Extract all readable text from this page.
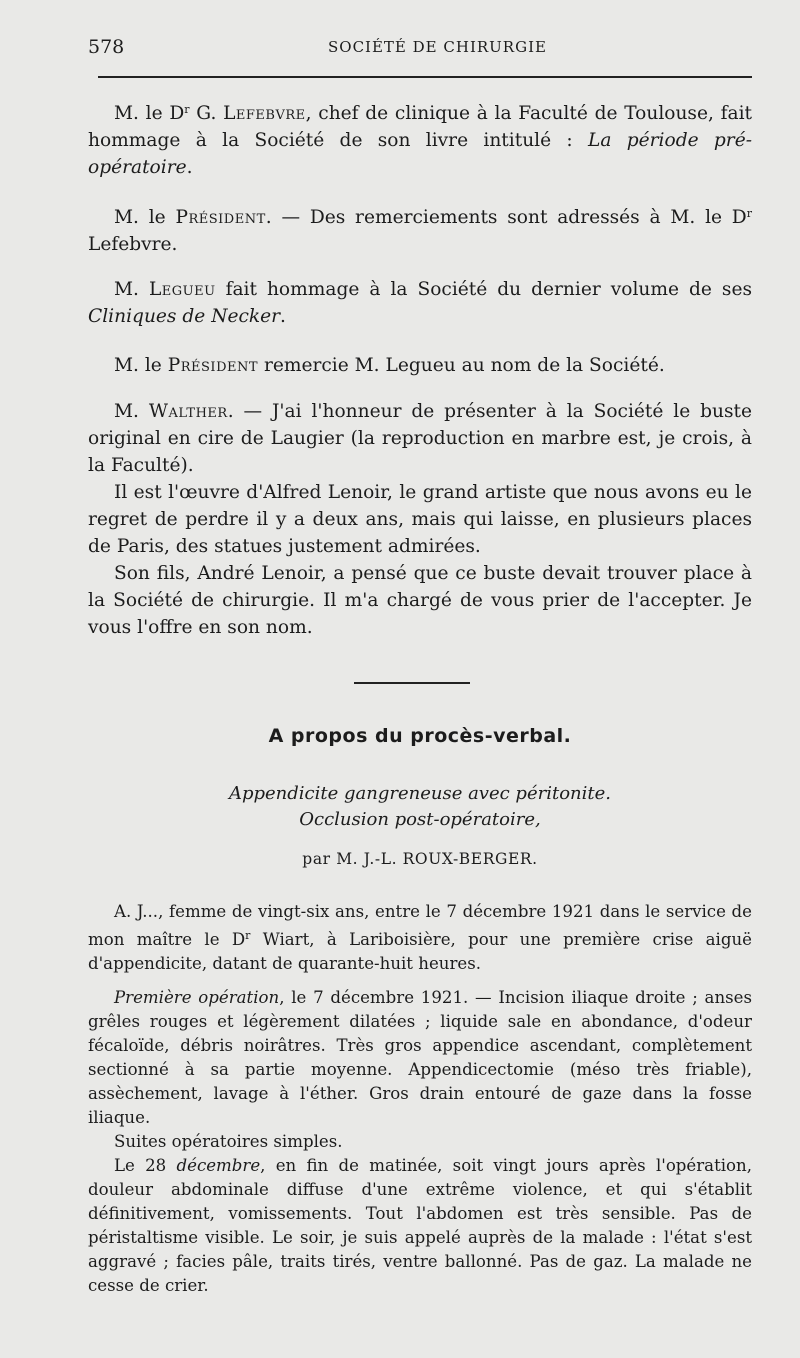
578	SOCIÉTÉ DE CHIRURGIE

M. le $D^r$ G. Lefebvre, chef de clinique à la Faculté de Toulouse, fait hommage à la Société de son livre intitulé : La période pré-opératoire.

M. le Président. — Des remerciements sont adressés à M. le $D^r$ Lefebvre.

M. Legueu fait hommage à la Société du dernier volume de ses Cliniques de Necker.

M. le Président remercie M. Legueu au nom de la Société.

M. Walther. — J'ai l'honneur de présenter à la Société le buste original en cire de Laugier (la reproduction en marbre est, je crois, à la Faculté).

Il est l'œuvre d'Alfred Lenoir, le grand artiste que nous avons eu le regret de perdre il y a deux ans, mais qui laisse, en plusieurs places de Paris, des statues justement admirées.

Son fils, André Lenoir, a pensé que ce buste devait trouver place à la Société de chirurgie. Il m'a chargé de vous prier de l'accepter. Je vous l'offre en son nom.

A propos du procès-verbal.
Appendicite gangreneuse avec péritonite.
Occlusion post-opératoire,
par M. J.-L. ROUX-BERGER.

A. J..., femme de vingt-six ans, entre le 7 décembre 1921 dans le service de mon maître le $D^r$ Wiart, à Lariboisière, pour une première crise aiguë d'appendicite, datant de quarante-huit heures.

Première opération, le 7 décembre 1921. — Incision iliaque droite ; anses grêles rouges et légèrement dilatées ; liquide sale en abondance, d'odeur fécaloïde, débris noirâtres. Très gros appendice ascendant, complètement sectionné à sa partie moyenne. Appendicectomie (méso très friable), assèchement, lavage à l'éther. Gros drain entouré de gaze dans la fosse iliaque.

Suites opératoires simples.

Le 28 décembre, en fin de matinée, soit vingt jours après l'opération, douleur abdominale diffuse d'une extrême violence, et qui s'établit définitivement, vomissements. Tout l'abdomen est très sensible. Pas de péristaltisme visible. Le soir, je suis appelé auprès de la malade : l'état s'est aggravé ; facies pâle, traits tirés, ventre ballonné. Pas de gaz. La malade ne cesse de crier.
